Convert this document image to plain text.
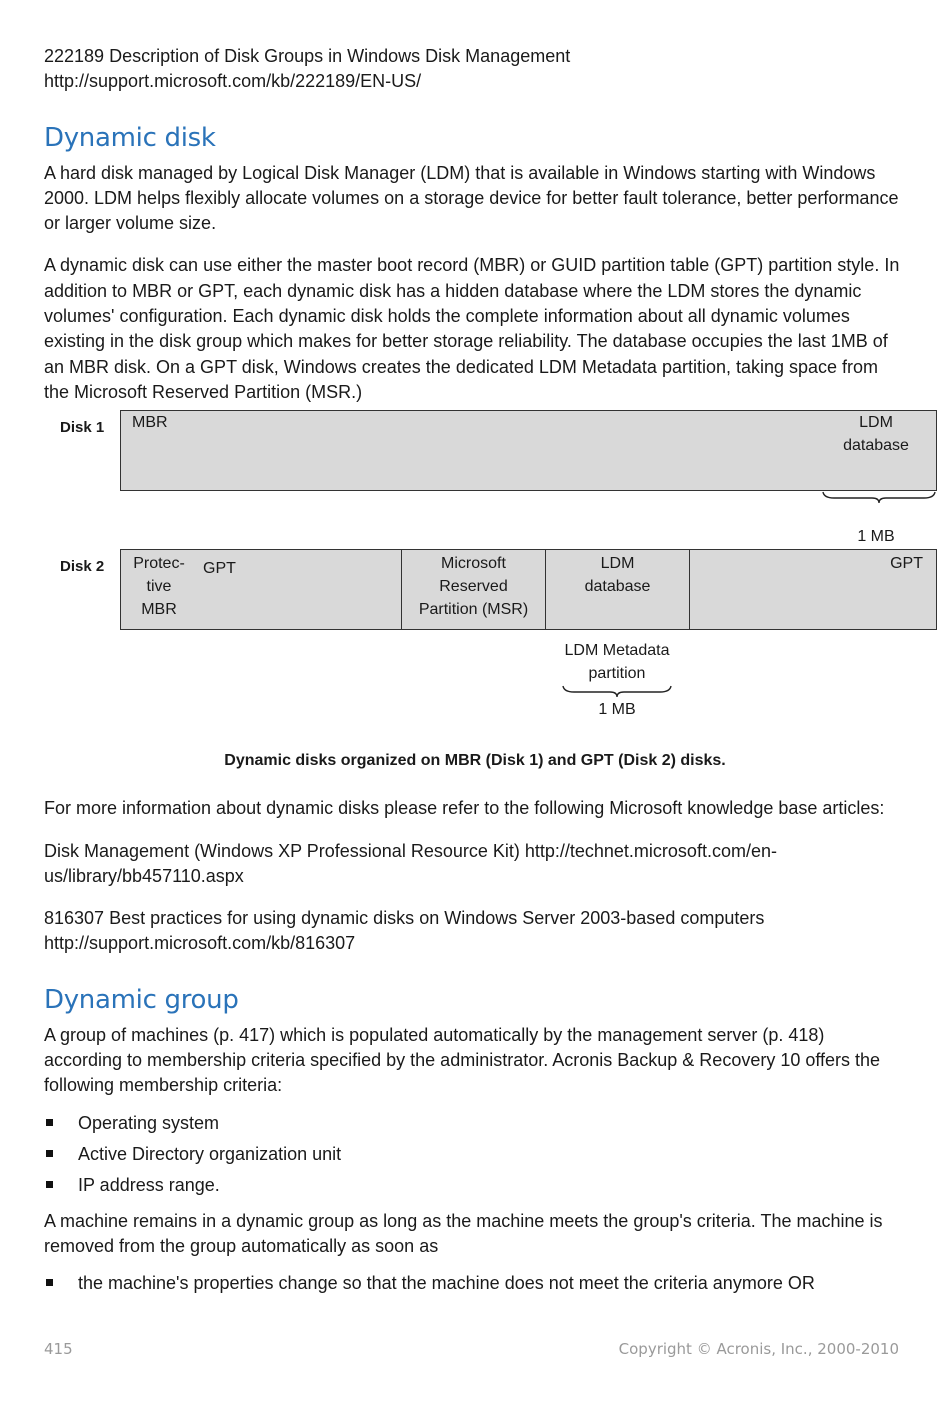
222189 Description of Disk Groups in Windows Disk Management

http://support.microsoft.com/kb/222189/EN-US/

Dynamic disk

A hard disk managed by Logical Disk Manager (LDM) that is available in Windows starting with Windows 2000. LDM helps flexibly allocate volumes on a storage device for better fault tolerance, better performance or larger volume size.

A dynamic disk can use either the master boot record (MBR) or GUID partition table (GPT) partition style. In addition to MBR or GPT, each dynamic disk has a hidden database where the LDM stores the dynamic volumes' configuration. Each dynamic disk holds the complete information about all dynamic volumes existing in the disk group which makes for better storage reliability. The database occupies the last 1MB of an MBR disk. On a GPT disk, Windows creates the dedicated LDM Metadata partition, taking space from the Microsoft Reserved Partition (MSR.)

Disk 1 MBR	LDM
database
1 MB
Disk 2	Protec-
tive
MBR
GPT	Microsoft
Reserved
Partition (MSR)
LDM
database
GPT
LDM Metadata
partition
1 MB
Dynamic disks organized on MBR (Disk 1) and GPT (Disk 2) disks.

For more information about dynamic disks please refer to the following Microsoft knowledge base articles:

Disk Management (Windows XP Professional Resource Kit) http://technet.microsoft.com/en-us/library/bb457110.aspx

816307 Best practices for using dynamic disks on Windows Server 2003-based computers

http://support.microsoft.com/kb/816307

Dynamic group

A group of machines (p. 417) which is populated automatically by the management server (p. 418) according to membership criteria specified by the administrator. Acronis Backup & Recovery 10 offers the following membership criteria:

Operating system
Active Directory organization unit
IP address range.

A machine remains in a dynamic group as long as the machine meets the group's criteria. The machine is removed from the group automatically as soon as

the machine's properties change so that the machine does not meet the criteria anymore OR
415	Copyright © Acronis, Inc., 2000-2010
